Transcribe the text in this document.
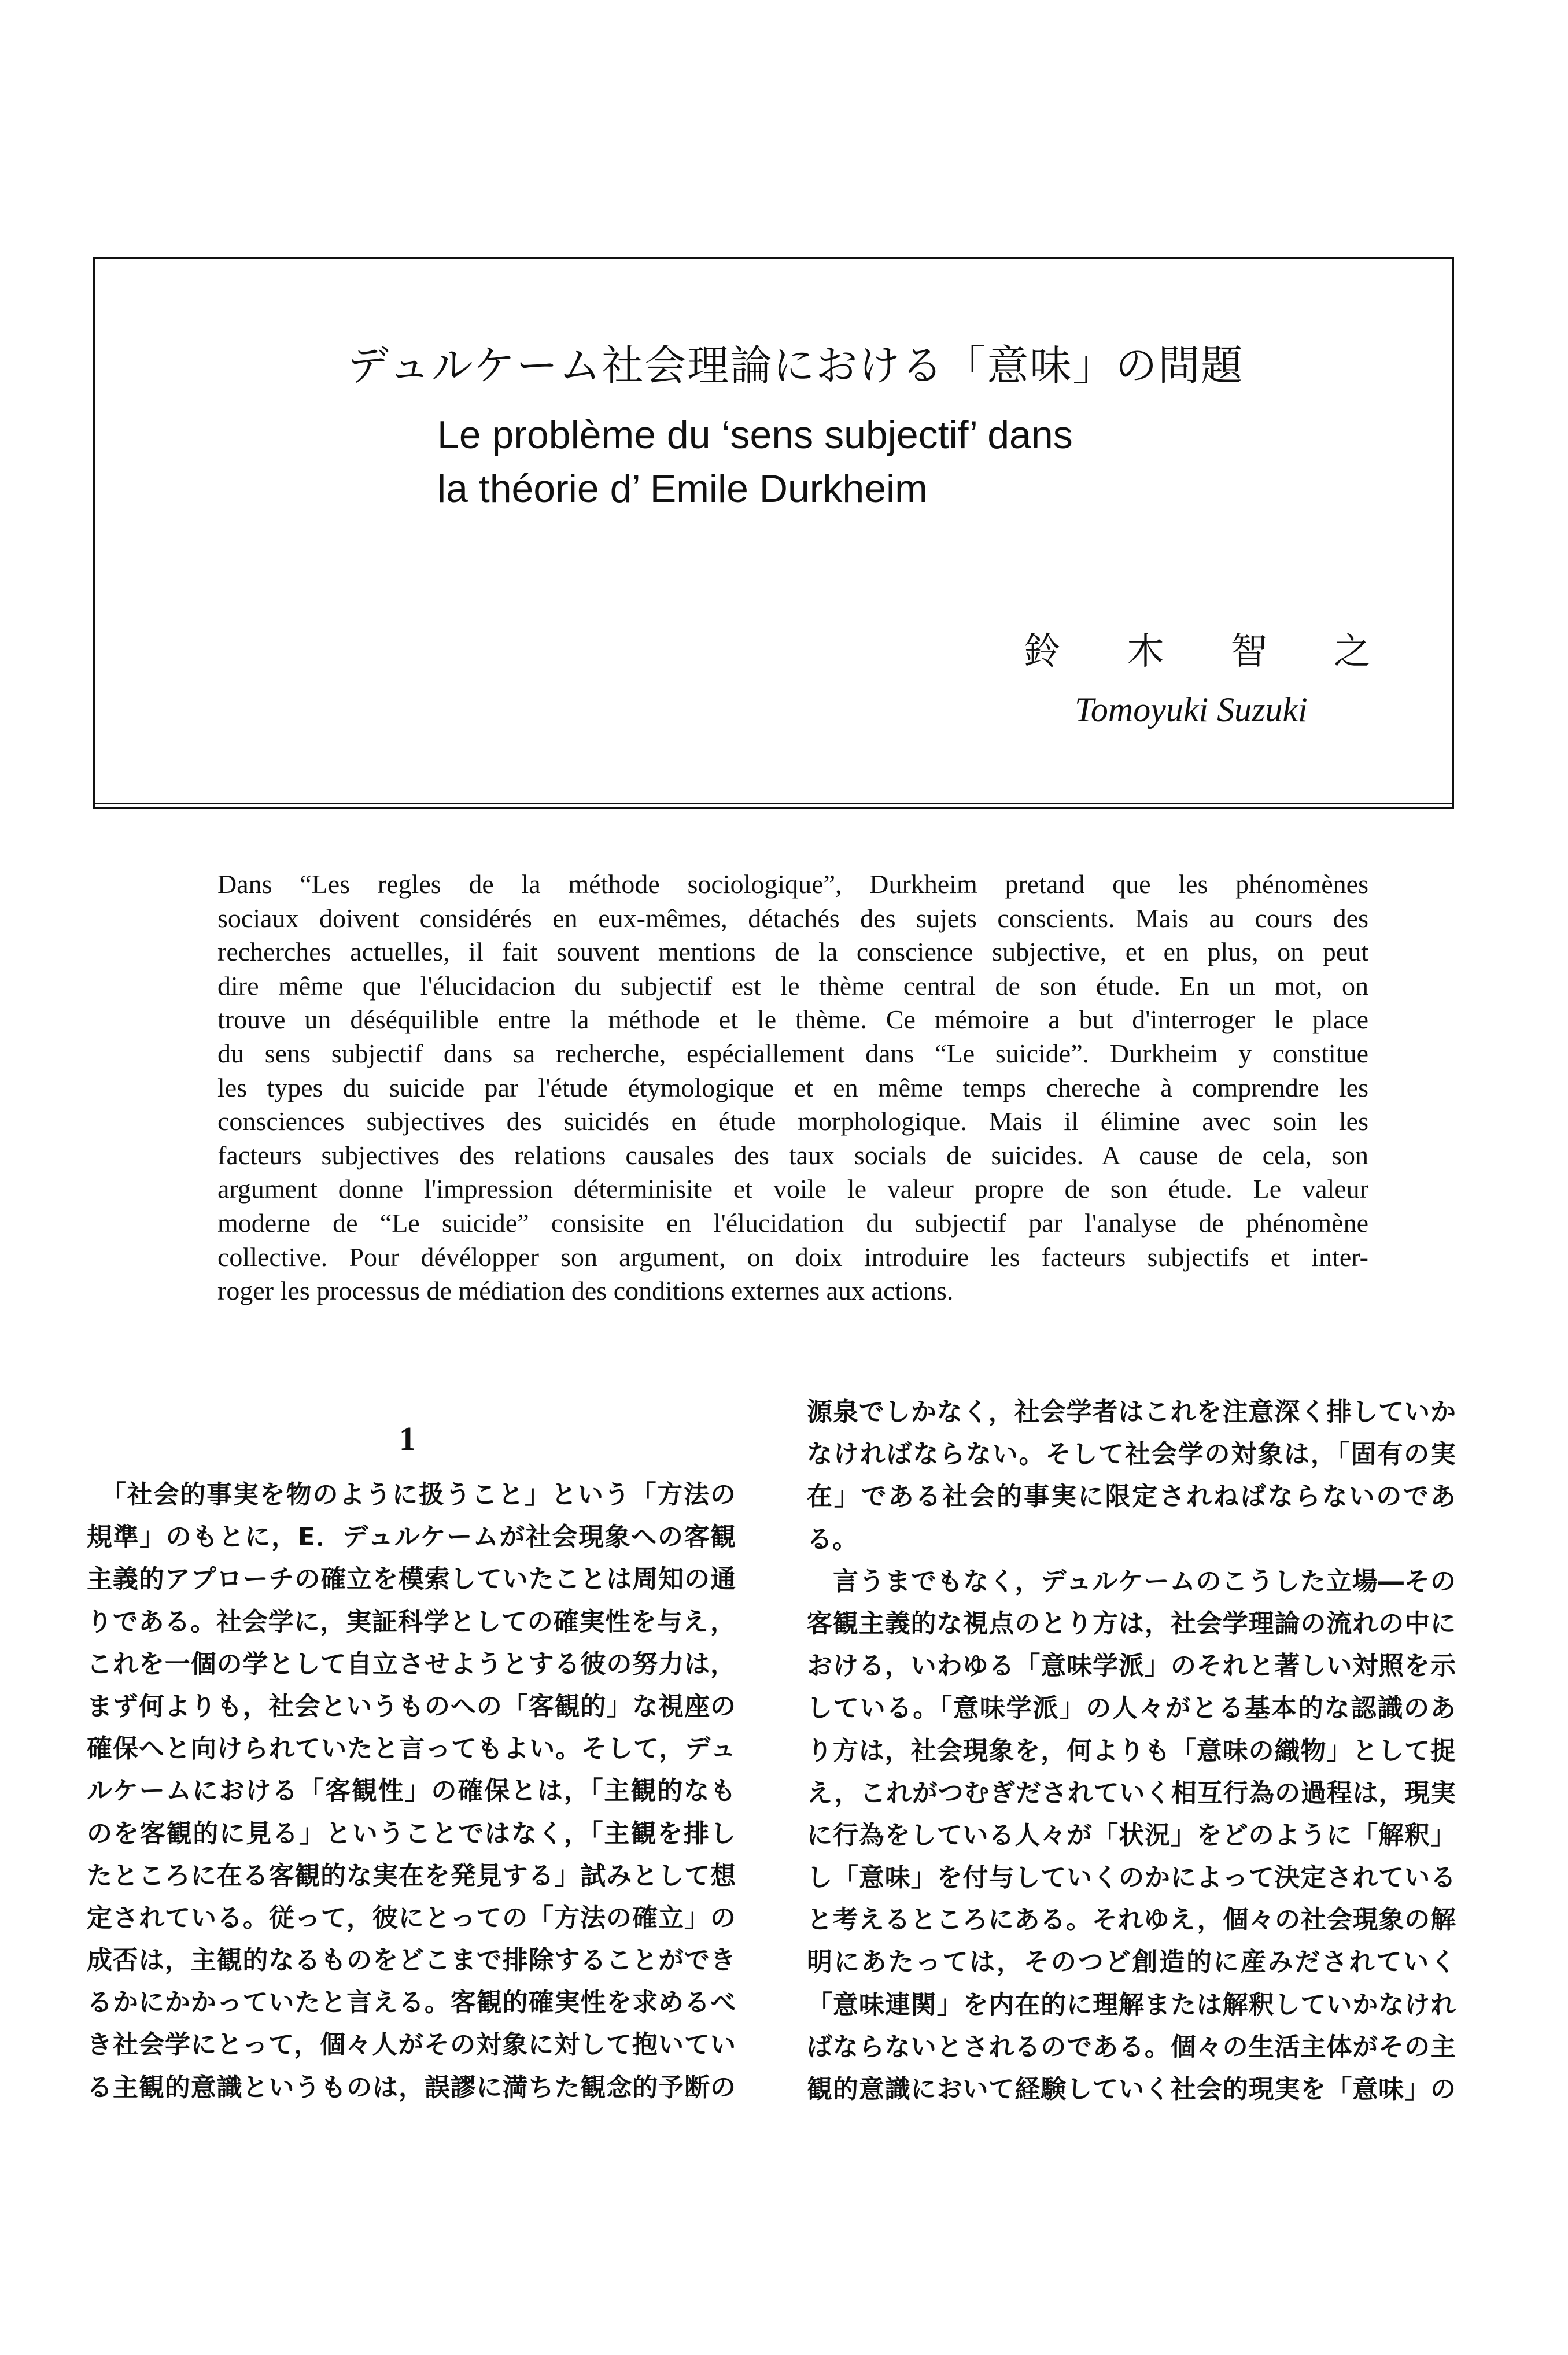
デュルケーム社会理論における「意味」の問題
Le problème du ‘sens subjectif’ dans
la théorie d’ Emile Durkheim
鈴 木 智 之
Tomoyuki Suzuki
Dans “Les regles de la méthode sociologique”, Durkheim pretand que les phénomènes
sociaux doivent considérés en eux-mêmes, détachés des sujets conscients. Mais au cours des
recherches actuelles, il fait souvent mentions de la conscience subjective, et en plus, on peut
dire même que l'élucidacion du subjectif est le thème central de son étude. En un mot, on
trouve un déséquilible entre la méthode et le thème. Ce mémoire a but d'interroger le place
du sens subjectif dans sa recherche, espéciallement dans “Le suicide”. Durkheim y constitue
les types du suicide par l'étude étymologique et en même temps chereche à comprendre les
consciences subjectives des suicidés en étude morphologique. Mais il élimine avec soin les
facteurs subjectives des relations causales des taux socials de suicides. A cause de cela, son
argument donne l'impression déterminisite et voile le valeur propre de son étude. Le valeur
moderne de “Le suicide” consisite en l'élucidation du subjectif par l'analyse de phénomène
collective. Pour dévélopper son argument, on doix introduire les facteurs subjectifs et inter-
roger les processus de médiation des conditions externes aux actions.
1
　「社会的事実を物のように扱うこと」という「方法の
規準」のもとに，E．デュルケームが社会現象への客観
主義的アプローチの確立を模索していたことは周知の通
りである。社会学に，実証科学としての確実性を与え，
これを一個の学として自立させようとする彼の努力は，
まず何よりも，社会というものへの「客観的」な視座の
確保へと向けられていたと言ってもよい。そして，デュ
ルケームにおける「客観性」の確保とは，「主観的なも
のを客観的に見る」ということではなく，「主観を排し
たところに在る客観的な実在を発見する」試みとして想
定されている。従って，彼にとっての「方法の確立」の
成否は，主観的なるものをどこまで排除することができ
るかにかかっていたと言える。客観的確実性を求めるべ
き社会学にとって，個々人がその対象に対して抱いてい
る主観的意識というものは，誤謬に満ちた観念的予断の
源泉でしかなく，社会学者はこれを注意深く排していか
なければならない。そして社会学の対象は，「固有の実
在」である社会的事実に限定されねばならないのであ
る。
　言うまでもなく，デュルケームのこうした立場―その
客観主義的な視点のとり方は，社会学理論の流れの中に
おける，いわゆる「意味学派」のそれと著しい対照を示
している。「意味学派」の人々がとる基本的な認識のあ
り方は，社会現象を，何よりも「意味の織物」として捉
え，これがつむぎだされていく相互行為の過程は，現実
に行為をしている人々が「状況」をどのように「解釈」
し「意味」を付与していくのかによって決定されている
と考えるところにある。それゆえ，個々の社会現象の解
明にあたっては，そのつど創造的に産みだされていく
「意味連関」を内在的に理解または解釈していかなけれ
ばならないとされるのである。個々の生活主体がその主
観的意識において経験していく社会的現実を「意味」の
